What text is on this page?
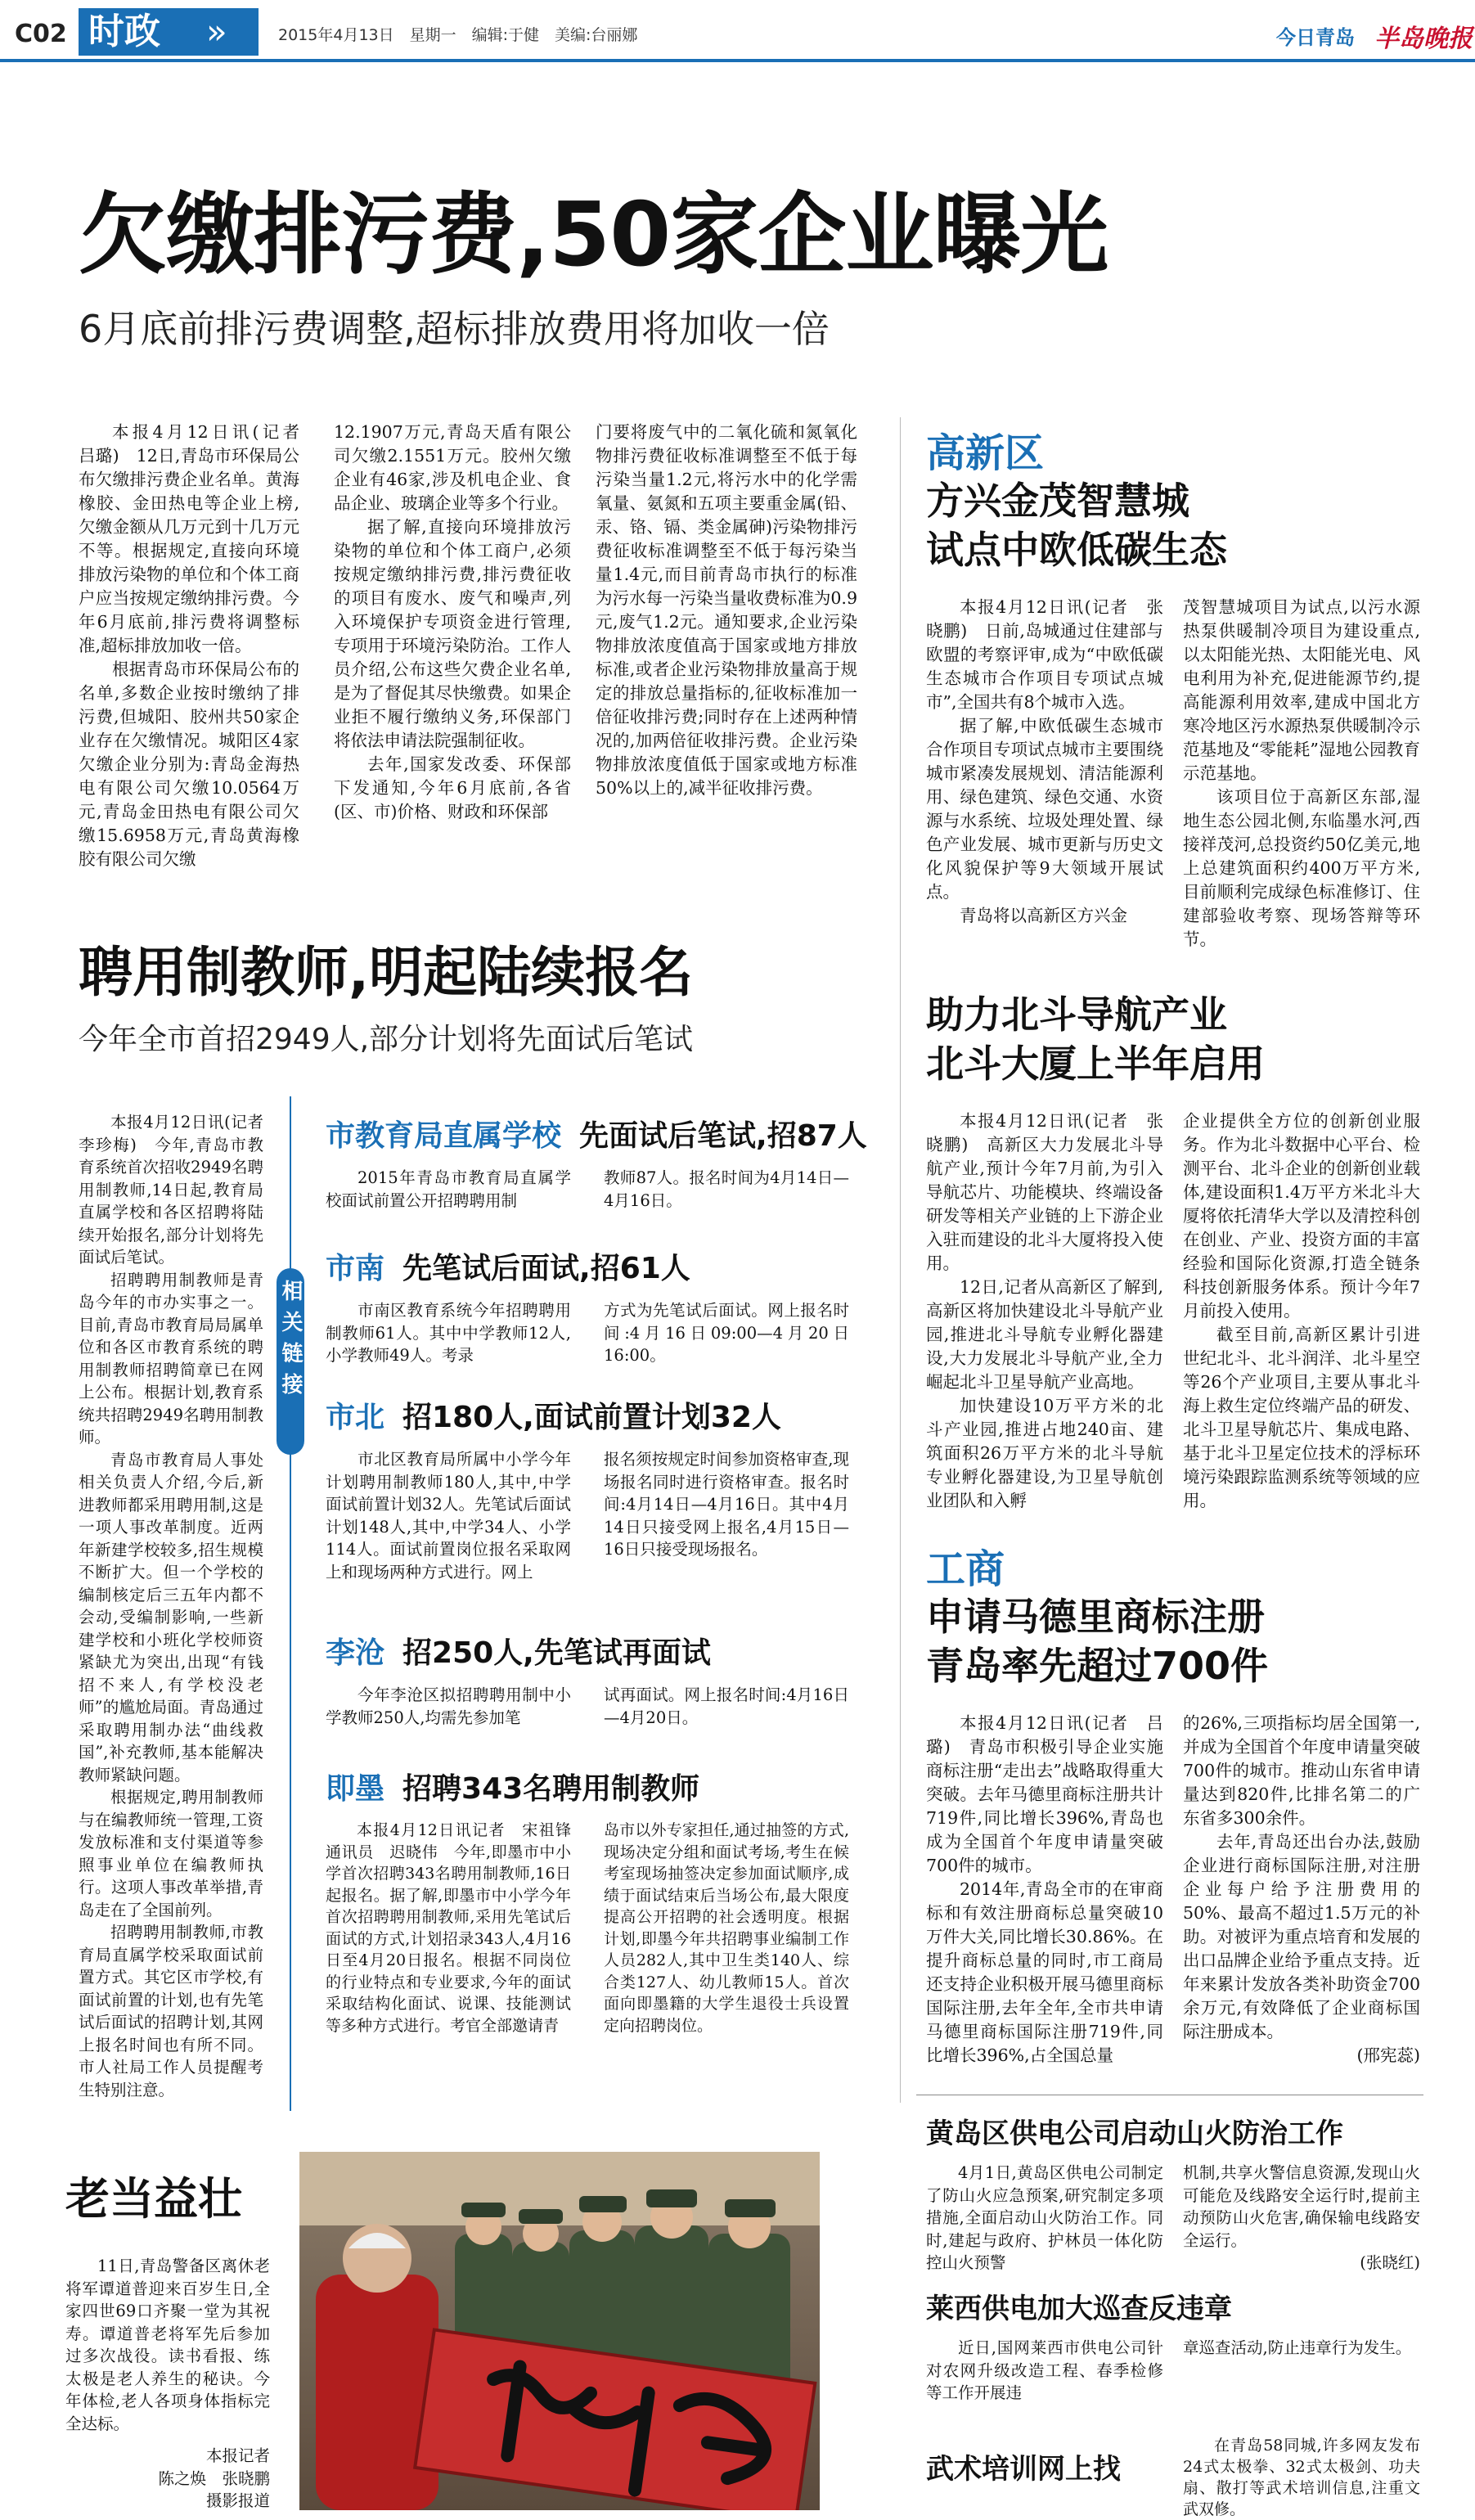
C02 时政 »	2015年4月13日　星期一　编辑:于健　美编:台丽娜	今日青岛 半岛晚报
欠缴排污费,50家企业曝光
6月底前排污费调整,超标排放费用将加收一倍

本报4月12日讯(记者　吕璐)　12日,青岛市环保局公布欠缴排污费企业名单。黄海橡胶、金田热电等企业上榜,欠缴金额从几万元到十几万元不等。根据规定,直接向环境排放污染物的单位和个体工商户应当按规定缴纳排污费。今年6月底前,排污费将调整标准,超标排放加收一倍。

根据青岛市环保局公布的名单,多数企业按时缴纳了排污费,但城阳、胶州共50家企业存在欠缴情况。城阳区4家欠缴企业分别为:青岛金海热电有限公司欠缴10.0564万元,青岛金田热电有限公司欠缴15.6958万元,青岛黄海橡胶有限公司欠缴

12.1907万元,青岛天盾有限公司欠缴2.1551万元。胶州欠缴企业有46家,涉及机电企业、食品企业、玻璃企业等多个行业。

据了解,直接向环境排放污染物的单位和个体工商户,必须按规定缴纳排污费,排污费征收的项目有废水、废气和噪声,列入环境保护专项资金进行管理,专项用于环境污染防治。工作人员介绍,公布这些欠费企业名单,是为了督促其尽快缴费。如果企业拒不履行缴纳义务,环保部门将依法申请法院强制征收。

去年,国家发改委、环保部下发通知,今年6月底前,各省(区、市)价格、财政和环保部

门要将废气中的二氧化硫和氮氧化物排污费征收标准调整至不低于每污染当量1.2元,将污水中的化学需氧量、氨氮和五项主要重金属(铅、汞、铬、镉、类金属砷)污染物排污费征收标准调整至不低于每污染当量1.4元,而目前青岛市执行的标准为污水每一污染当量收费标准为0.9元,废气1.2元。通知要求,企业污染物排放浓度值高于国家或地方排放标准,或者企业污染物排放量高于规定的排放总量指标的,征收标准加一倍征收排污费;同时存在上述两种情况的,加两倍征收排污费。企业污染物排放浓度值低于国家或地方标准50%以上的,减半征收排污费。

高新区
方兴金茂智慧城
试点中欧低碳生态

本报4月12日讯(记者　张晓鹏)　日前,岛城通过住建部与欧盟的考察评审,成为“中欧低碳生态城市合作项目专项试点城市”,全国共有8个城市入选。

据了解,中欧低碳生态城市合作项目专项试点城市主要围绕城市紧凑发展规划、清洁能源利用、绿色建筑、绿色交通、水资源与水系统、垃圾处理处置、绿色产业发展、城市更新与历史文化风貌保护等9大领域开展试点。

青岛将以高新区方兴金

茂智慧城项目为试点,以污水源热泵供暖制冷项目为建设重点,以太阳能光热、太阳能光电、风电利用为补充,促进能源节约,提高能源利用效率,建成中国北方寒冷地区污水源热泵供暖制冷示范基地及“零能耗”湿地公园教育示范基地。

该项目位于高新区东部,湿地生态公园北侧,东临墨水河,西接祥茂河,总投资约50亿美元,地上总建筑面积约400万平方米,目前顺利完成绿色标准修订、住建部验收考察、现场答辩等环节。

助力北斗导航产业
北斗大厦上半年启用

本报4月12日讯(记者　张晓鹏)　高新区大力发展北斗导航产业,预计今年7月前,为引入导航芯片、功能模块、终端设备研发等相关产业链的上下游企业入驻而建设的北斗大厦将投入使用。

12日,记者从高新区了解到,高新区将加快建设北斗导航产业园,推进北斗导航专业孵化器建设,大力发展北斗导航产业,全力崛起北斗卫星导航产业高地。

加快建设10万平方米的北斗产业园,推进占地240亩、建筑面积26万平方米的北斗导航专业孵化器建设,为卫星导航创业团队和入孵

企业提供全方位的创新创业服务。作为北斗数据中心平台、检测平台、北斗企业的创新创业载体,建设面积1.4万平方米北斗大厦将依托清华大学以及清控科创在创业、产业、投资方面的丰富经验和国际化资源,打造全链条科技创新服务体系。预计今年7月前投入使用。

截至目前,高新区累计引进世纪北斗、北斗润洋、北斗星空等26个产业项目,主要从事北斗海上救生定位终端产品的研发、北斗卫星导航芯片、集成电路、基于北斗卫星定位技术的浮标环境污染跟踪监测系统等领域的应用。

聘用制教师,明起陆续报名
今年全市首招2949人,部分计划将先面试后笔试

本报4月12日讯(记者　李珍梅)　今年,青岛市教育系统首次招收2949名聘用制教师,14日起,教育局直属学校和各区招聘将陆续开始报名,部分计划将先面试后笔试。

招聘聘用制教师是青岛今年的市办实事之一。目前,青岛市教育局局属单位和各区市教育系统的聘用制教师招聘简章已在网上公布。根据计划,教育系统共招聘2949名聘用制教师。

青岛市教育局人事处相关负责人介绍,今后,新进教师都采用聘用制,这是一项人事改革制度。近两年新建学校较多,招生规模不断扩大。但一个学校的编制核定后三五年内都不会动,受编制影响,一些新建学校和小班化学校师资紧缺尤为突出,出现“有钱招不来人,有学校没老师”的尴尬局面。青岛通过采取聘用制办法“曲线救国”,补充教师,基本能解决教师紧缺问题。

根据规定,聘用制教师与在编教师统一管理,工资发放标准和支付渠道等参照事业单位在编教师执行。这项人事改革举措,青岛走在了全国前列。

招聘聘用制教师,市教育局直属学校采取面试前置方式。其它区市学校,有面试前置的计划,也有先笔试后面试的招聘计划,其网上报名时间也有所不同。市人社局工作人员提醒考生特别注意。

相关链接
市教育局直属学校 先面试后笔试,招87人

2015年青岛市教育局直属学校面试前置公开招聘聘用制

教师87人。报名时间为4月14日—4月16日。

市南 先笔试后面试,招61人

市南区教育系统今年招聘聘用制教师61人。其中中学教师12人,小学教师49人。考录

方式为先笔试后面试。网上报名时间:4月16日09:00—4月20日16:00。

市北 招180人,面试前置计划32人

市北区教育局所属中小学今年计划聘用制教师180人,其中,中学面试前置计划32人。先笔试后面试计划148人,其中,中学34人、小学114人。面试前置岗位报名采取网上和现场两种方式进行。网上

报名须按规定时间参加资格审查,现场报名同时进行资格审查。报名时间:4月14日—4月16日。其中4月14日只接受网上报名,4月15日—16日只接受现场报名。

李沧 招250人,先笔试再面试

今年李沧区拟招聘聘用制中小学教师250人,均需先参加笔

试再面试。网上报名时间:4月16日—4月20日。

即墨 招聘343名聘用制教师

本报4月12日讯记者　宋祖锋　通讯员　迟晓伟　今年,即墨市中小学首次招聘343名聘用制教师,16日起报名。据了解,即墨市中小学今年首次招聘聘用制教师,采用先笔试后面试的方式,计划招录343人,4月16日至4月20日报名。根据不同岗位的行业特点和专业要求,今年的面试采取结构化面试、说课、技能测试等多种方式进行。考官全部邀请青

岛市以外专家担任,通过抽签的方式,现场决定分组和面试考场,考生在候考室现场抽签决定参加面试顺序,成绩于面试结束后当场公布,最大限度提高公开招聘的社会透明度。根据计划,即墨今年共招聘事业编制工作人员282人,其中卫生类140人、综合类127人、幼儿教师15人。首次面向即墨籍的大学生退役士兵设置定向招聘岗位。

工商
申请马德里商标注册
青岛率先超过700件

本报4月12日讯(记者　吕璐)　青岛市积极引导企业实施商标注册“走出去”战略取得重大突破。去年马德里商标注册共计719件,同比增长396%,青岛也成为全国首个年度申请量突破700件的城市。

2014年,青岛全市的在审商标和有效注册商标总量突破10万件大关,同比增长30.86%。在提升商标总量的同时,市工商局还支持企业积极开展马德里商标国际注册,去年全年,全市共申请马德里商标国际注册719件,同比增长396%,占全国总量

的26%,三项指标均居全国第一,并成为全国首个年度申请量突破700件的城市。推动山东省申请量达到820件,比排名第二的广东省多300余件。

去年,青岛还出台办法,鼓励企业进行商标国际注册,对注册企业每户给予注册费用的50%、最高不超过1.5万元的补助。对被评为重点培育和发展的出口品牌企业给予重点支持。近年来累计发放各类补助资金700余万元,有效降低了企业商标国际注册成本。

(邢宪蕊)

老当益壮

11日,青岛警备区离休老将军谭道普迎来百岁生日,全家四世69口齐聚一堂为其祝寿。谭道普老将军先后参加过多次战役。读书看报、练太极是老人养生的秘诀。今年体检,老人各项身体指标完全达标。

本报记者

陈之焕　张晓鹏

摄影报道

黄岛区供电公司启动山火防治工作

4月1日,黄岛区供电公司制定了防山火应急预案,研究制定多项措施,全面启动山火防治工作。同时,建起与政府、护林员一体化防控山火预警

机制,共享火警信息资源,发现山火可能危及线路安全运行时,提前主动预防山火危害,确保输电线路安全运行。

(张晓红)

莱西供电加大巡查反违章

近日,国网莱西市供电公司针对农网升级改造工程、春季检修等工作开展违

章巡查活动,防止违章行为发生。

武术培训网上找

在青岛58同城,许多网友发布24式太极拳、32式太极剑、功夫扇、散打等武术培训信息,注重文武双修。
